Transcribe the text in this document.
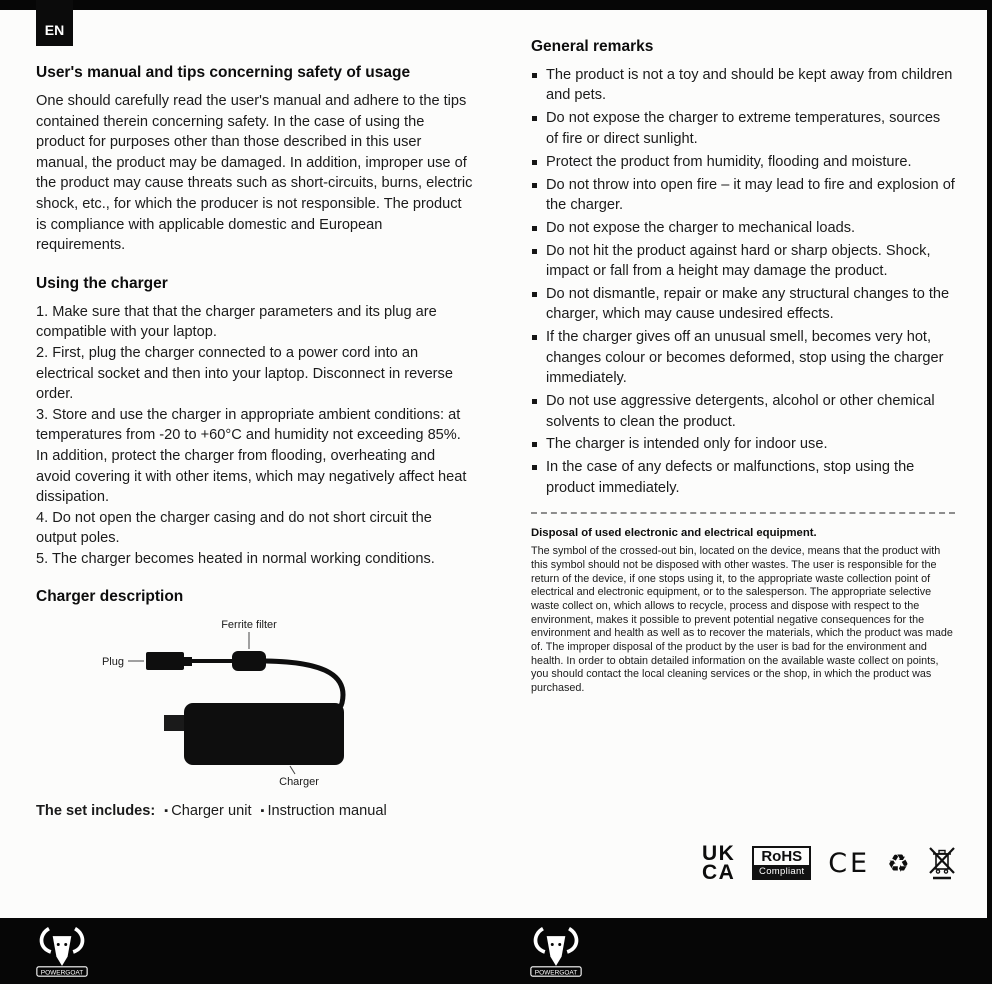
EN
User's manual and tips concerning safety of usage

One should carefully read the user's manual and adhere to the tips contained therein concerning safety. In the case of using the product for purposes other than those described in this user manual, the product may be damaged. In addition, improper use of the product may cause threats such as short-circuits, burns, electric shock, etc., for which the producer is not responsible. The product is compliance with applicable domestic and European requirements.

Using the charger

1. Make sure that that the charger parameters and its plug are compatible with your laptop.

2. First, plug the charger connected to a power cord into an electrical socket and then into your laptop. Disconnect in reverse order.

3. Store and use the charger in appropriate ambient conditions: at temperatures from -20 to +60°C and humidity not exceeding 85%. In addition, protect the charger from flooding, overheating and avoid covering it with other items, which may negatively affect heat dissipation.

4. Do not open the charger casing and do not short circuit the output poles.

5. The charger becomes heated in normal working conditions.

Charger description
Ferrite filter
Plug
Charger

The set includes:	▪ Charger unit	▪ Instruction manual

General remarks
The product is not a toy and should be kept away from children and pets.
Do not expose the charger to extreme temperatures, sources of fire or direct sunlight.
Protect the product from humidity, flooding and moisture.
Do not throw into open fire – it may lead to fire and explosion of the charger.
Do not expose the charger to mechanical loads.
Do not hit the product against hard or sharp objects. Shock, impact or fall from a height may damage the product.
Do not dismantle, repair or make any structural changes to the charger, which may cause undesired effects.
If the charger gives off an unusual smell, becomes very hot, changes colour or becomes deformed, stop using the charger immediately.
Do not use aggressive detergents, alcohol or other chemical solvents to clean the product.
The charger is intended only for indoor use.
In the case of any defects or malfunctions, stop using the product immediately.
Disposal of used electronic and electrical equipment.

The symbol of the crossed-out bin, located on the device, means that the product with this symbol should not be disposed with other wastes. The user is responsible for the return of the device, if one stops using it, to the appropriate waste collection point of electrical and electronic equipment, or to the salesperson. The appropriate selective waste collect on, which allows to recycle, process and dispose with respect to the environment, makes it possible to prevent potential negative consequences for the environment and health as well as to recover the materials, which the product was made of. The improper disposal of the product by the user is bad for the environment and health. In order to obtain detailed information on the available waste collect on points, you should contact the local cleaning services or the shop, in which the product was purchased.

UK
CA
RoHS
Compliant CE ♻
POWERGOAT	POWERGOAT
